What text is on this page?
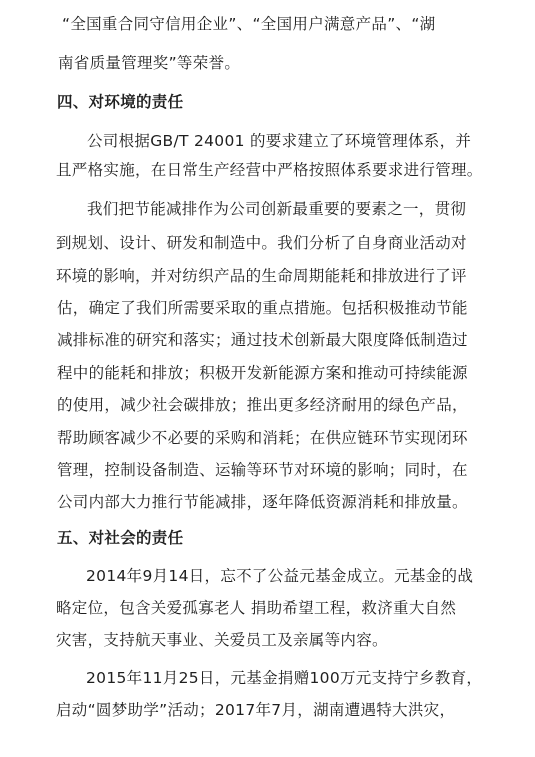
“全国重合同守信用企业”、“全国用户满意产品”、“湖
南省质量管理奖”等荣誉。
四、对环境的责任
公司根据GB/T 24001 的要求建立了环境管理体系，并
且严格实施，在日常生产经营中严格按照体系要求进行管理。
我们把节能减排作为公司创新最重要的要素之一，贯彻
到规划、设计、研发和制造中。我们分析了自身商业活动对
环境的影响，并对纺织产品的生命周期能耗和排放进行了评
估，确定了我们所需要采取的重点措施。包括积极推动节能
减排标准的研究和落实；通过技术创新最大限度降低制造过
程中的能耗和排放；积极开发新能源方案和推动可持续能源
的使用，减少社会碳排放；推出更多经济耐用的绿色产品，
帮助顾客减少不必要的采购和消耗；在供应链环节实现闭环
管理，控制设备制造、运输等环节对环境的影响；同时，在
公司内部大力推行节能减排，逐年降低资源消耗和排放量。
五、对社会的责任
2014年9月14日，忘不了公益元基金成立。元基金的战
略定位，包含关爱孤寡老人 捐助希望工程，救济重大自然
灾害，支持航天事业、关爱员工及亲属等内容。
2015年11月25日，元基金捐赠100万元支持宁乡教育，
启动“圆梦助学”活动；2017年7月，湖南遭遇特大洪灾，
